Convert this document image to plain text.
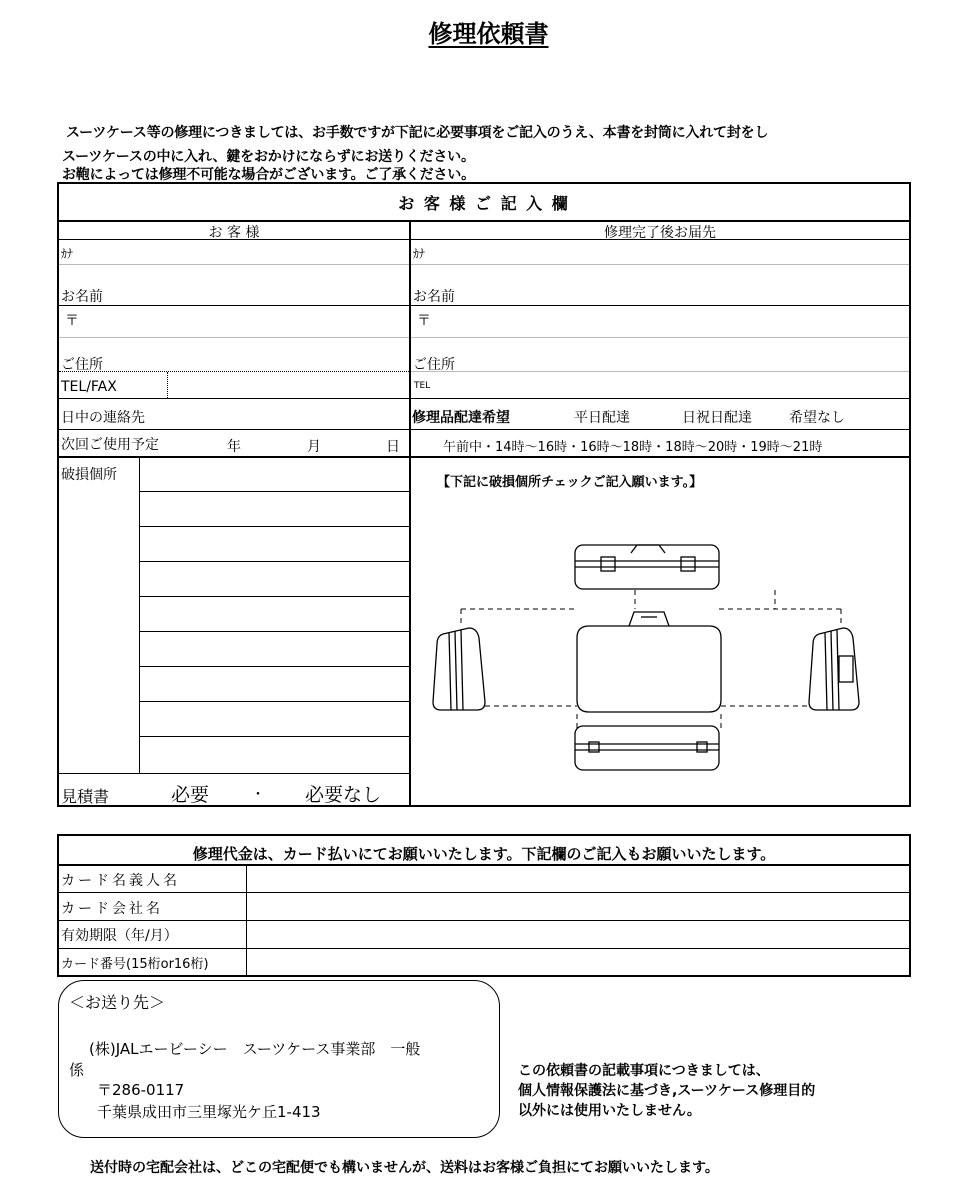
修理依頼書
スーツケース等の修理につきましては、お手数ですが下記に必要事項をご記入のうえ、本書を封筒に入れて封をし
スーツケースの中に入れ、鍵をおかけにならずにお送りください。
お鞄によっては修理不可能な場合がございます。ご了承ください。
お 客 様 ご 記 入 欄
お 客 様	修理完了後お届先
ｶﾅ
お名前
〒
ご住所
TEL/FAX
日中の連絡先
ｶﾅ
お名前
〒
ご住所
TEL
修理品配達希望	平日配達	日祝日配達	希望なし
次回ご使用予定	年	月	日	午前中・14時～16時・16時～18時・18時～20時・19時～21時
破損個所
見積書	必要	・ 必要なし
【下記に破損個所チェックご記入願います。】
修理代金は、カード払いにてお願いいたします。下記欄のご記入もお願いいたします。
カード名義人名
カード会社名
有効期限（年/月）
カード番号(15桁or16桁)
＜お送り先＞
(株)JALエービーシー　スーツケース事業部　一般
係
〒286-0117
千葉県成田市三里塚光ケ丘1-413
この依頼書の記載事項につきましては、
個人情報保護法に基づき,スーツケース修理目的
以外には使用いたしません。
送付時の宅配会社は、どこの宅配便でも構いませんが、送料はお客様ご負担にてお願いいたします。
